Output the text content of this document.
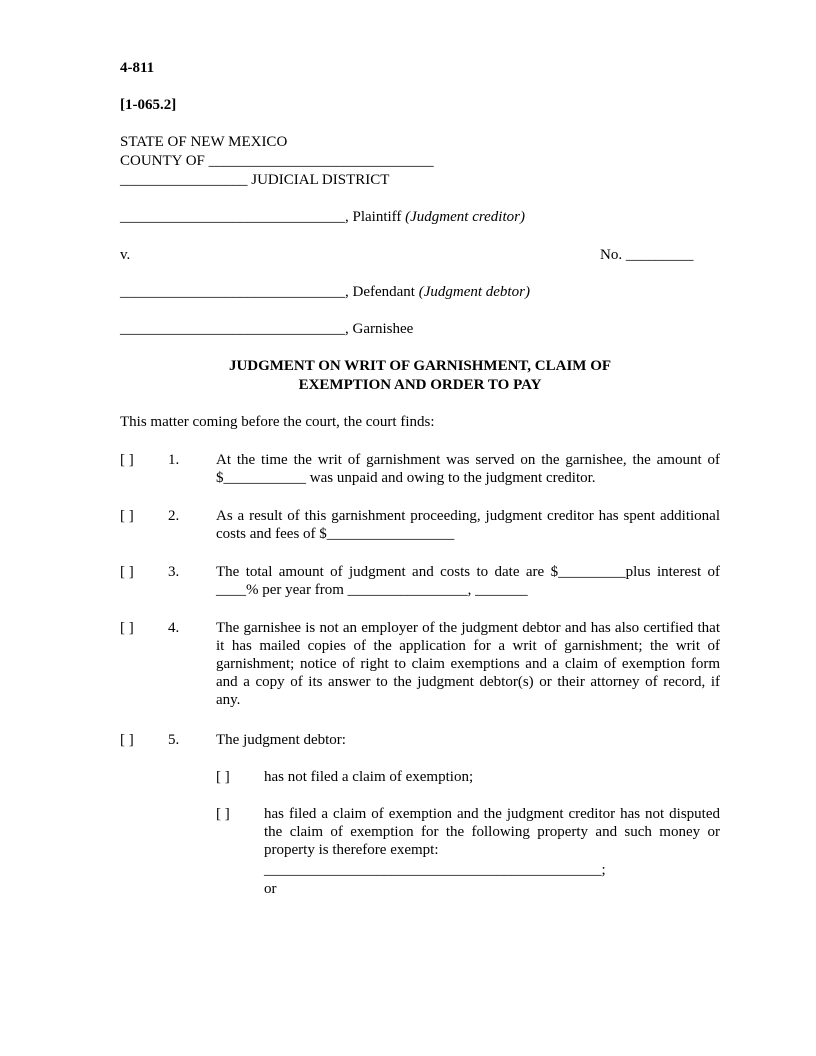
4-811
[1-065.2]
STATE OF NEW MEXICO
COUNTY OF ______________________________
_________________ JUDICIAL DISTRICT
______________________________, Plaintiff (Judgment creditor)
v.	No. _________
______________________________, Defendant (Judgment debtor)
______________________________, Garnishee
JUDGMENT ON WRIT OF GARNISHMENT, CLAIM OF
EXEMPTION AND ORDER TO PAY
This matter coming before the court, the court finds:
[ ] 1. At the time the writ of garnishment was served on the garnishee, the amount of $___________ was unpaid and owing to the judgment creditor.
[ ] 2. As a result of this garnishment proceeding, judgment creditor has spent additional costs and fees of $_________________
[ ] 3. The total amount of judgment and costs to date are $_________plus interest of ____% per year from ________________, _______
[ ] 4. The garnishee is not an employer of the judgment debtor and has also certified that it has mailed copies of the application for a writ of garnishment; the writ of garnishment; notice of right to claim exemptions and a claim of exemption form and a copy of its answer to the judgment debtor(s) or their attorney of record, if any.
[ ] 5. The judgment debtor:
[ ] has not filed a claim of exemption;
[ ] has filed a claim of exemption and the judgment creditor has not disputed the claim of exemption for the following property and such money or property is therefore exempt:
_____________________________________________;
or
